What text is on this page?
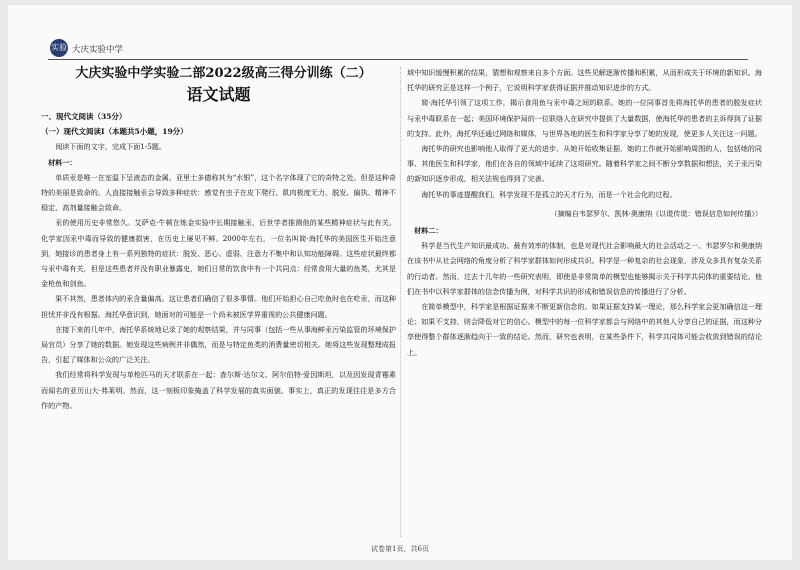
实验 大庆实验中学
大庆实验中学实验二部2022级高三得分训练（二）
语文试题

一、现代文阅读（35分）

（一）现代文阅读Ⅰ（本题共5小题，19分）

阅读下面的文字，完成下面1-5题。

材料一：

单质汞是唯一在室温下呈液态的金属。亚里士多德称其为“水银”，这个名字体现了它的奇特之处。但是这种奇特的美丽是致命的。人直接接触汞会导致多种症状：感觉有虫子在皮下爬行、肌肉极度无力、脱发、偏执、精神不稳定、高剂量接触会致命。

汞的使用历史非常悠久。艾萨克·牛顿在炼金实验中长期接触汞，后世学者推测他的某些精神症状与此有关。化学家因汞中毒而导致的健康损害，在历史上屡见不鲜。2000年左右，一位名叫简·海托华的美国医生开始注意到，她接诊的患者身上有一系列独特的症状：脱发、恶心、虚弱、注意力不集中和认知功能障碍。这些症状最终都与汞中毒有关，但是这些患者并没有职业暴露史，她们日常的饮食中有一个共同点：经常食用大量的鱼类，尤其是金枪鱼和剑鱼。

果不其然，患者体内的汞含量偏高。这让患者们确信了很多事情。他们开始担心自己吃鱼时也在吃汞，而这种担忧并非没有根据。海托华意识到，她面对的可能是一个尚未被医学界重视的公共健康问题。

在接下来的几年中，海托华系统地记录了她的观察结果，并与同事（包括一些从事海鲜汞污染监管的环境保护局官员）分享了她的数据。她发现这些病例并非偶然，而是与特定鱼类的消费量密切相关。她将这些发现整理成报告，引起了媒体和公众的广泛关注。

我们经常将科学发现与单枪匹马的天才联系在一起：查尔斯·达尔文、阿尔伯特·爱因斯坦，以及因发现青霉素而闻名的亚历山大·弗莱明。然而，这一刻板印象掩盖了科学发展的真实面貌。事实上，真正的发现往往是多方合作的产物。

域中知识缓慢积累的结果，猜想和观察来自多个方面。这些见解逐渐传播和积累，从而形成关于环境的新知识。海托华的研究正是这样一个例子，它说明科学家获得证据并推动知识进步的方式。

简·海托华引领了这项工作，揭示食用鱼与汞中毒之间的联系。她的一位同事首先将海托华的患者的脱发症状与汞中毒联系在一起；美国环境保护局的一位联络人在研究中提供了大量数据，使海托华的患者的主诉得到了证据的支持。此外，海托华还通过网络和媒体，与世界各地的医生和科学家分享了她的发现，使更多人关注这一问题。

海托华的研究也影响他人取得了更大的进步。从她开始收集证据，她的工作就开始影响周围的人，包括她的同事、其他医生和科学家，他们在各自的领域中延续了这项研究。随着科学家之间不断分享数据和想法，关于汞污染的新知识逐步形成，相关法规也得到了完善。

海托华的事迹提醒我们，科学发现不是孤立的天才行为，而是一个社会化的过程。

（摘编自韦瑟罗尔、凯林·奥康纳《以谎传谎：错误信息如何传播》）

材料二：

科学是当代生产知识最成功、最有效率的体制，也是对现代社会影响最大的社会活动之一。韦瑟罗尔和奥康纳在该书中从社会网络的角度分析了科学家群体如何形成共识。科学是一种复杂的社会现象，涉及众多具有复杂关系的行动者。然而，过去十几年的一些研究表明，即使是非常简单的模型也能够揭示关于科学共同体的重要结论。他们在书中以科学家群体的信念传播为例，对科学共识的形成和错误信息的传播进行了分析。

在简单模型中，科学家是根据证据来不断更新信念的。如果证据支持某一理论，那么科学家会更加确信这一理论；如果不支持，则会降低对它的信心。模型中的每一位科学家都会与网络中的其他人分享自己的证据，而这种分享使得整个群体逐渐趋向于一致的结论。然而，研究也表明，在某些条件下，科学共同体可能会收敛到错误的结论上。

试卷第1页，共6页
